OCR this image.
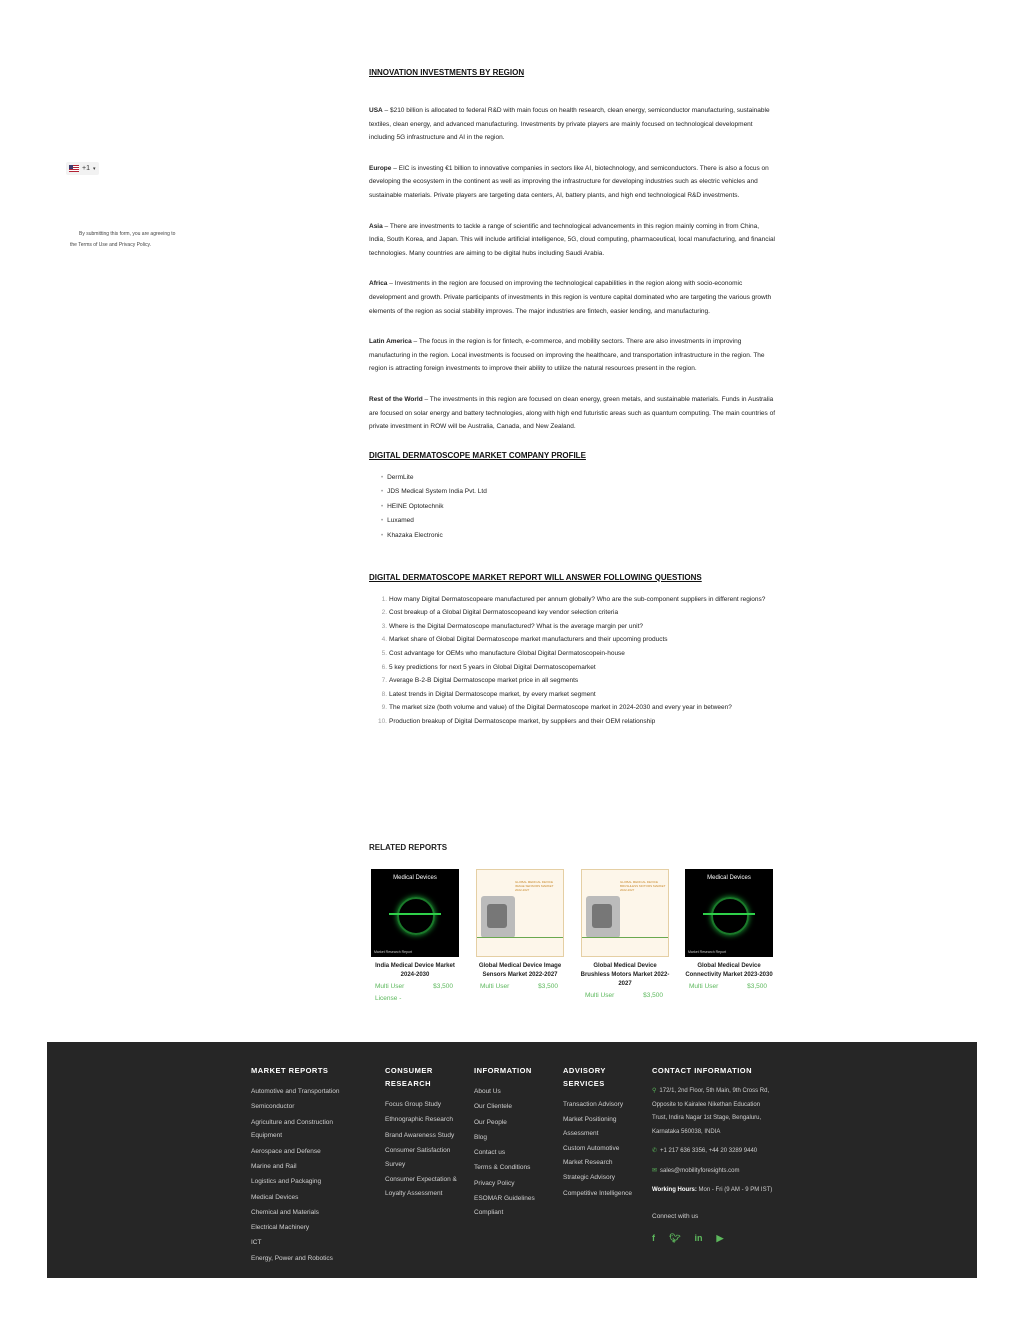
+1 ▾
By submitting this form, you are agreeing to
the Terms of Use and Privacy Policy.
INNOVATION INVESTMENTS BY REGION

USA – $210 billion is allocated to federal R&D with main focus on health research, clean energy, semiconductor manufacturing, sustainable textiles, clean energy, and advanced manufacturing. Investments by private players are mainly focused on technological development including 5G infrastructure and AI in the region.

Europe – EIC is investing €1 billion to innovative companies in sectors like AI, biotechnology, and semiconductors. There is also a focus on developing the ecosystem in the continent as well as improving the infrastructure for developing industries such as electric vehicles and sustainable materials. Private players are targeting data centers, AI, battery plants, and high end technological R&D investments.

Asia – There are investments to tackle a range of scientific and technological advancements in this region mainly coming in from China, India, South Korea, and Japan. This will include artificial intelligence, 5G, cloud computing, pharmaceutical, local manufacturing, and financial technologies. Many countries are aiming to be digital hubs including Saudi Arabia.

Africa – Investments in the region are focused on improving the technological capabilities in the region along with socio-economic development and growth. Private participants of investments in this region is venture capital dominated who are targeting the various growth elements of the region as social stability improves. The major industries are fintech, easier lending, and manufacturing.

Latin America – The focus in the region is for fintech, e-commerce, and mobility sectors. There are also investments in improving manufacturing in the region. Local investments is focused on improving the healthcare, and transportation infrastructure in the region. The region is attracting foreign investments to improve their ability to utilize the natural resources present in the region.

Rest of the World – The investments in this region are focused on clean energy, green metals, and sustainable materials. Funds in Australia are focused on solar energy and battery technologies, along with high end futuristic areas such as quantum computing. The main countries of private investment in ROW will be Australia, Canada, and New Zealand.

DIGITAL DERMATOSCOPE MARKET COMPANY PROFILE
• DermLite
• JDS Medical System India Pvt. Ltd
• HEINE Optotechnik
• Luxamed
• Khazaka Electronic
DIGITAL DERMATOSCOPE MARKET REPORT WILL ANSWER FOLLOWING QUESTIONS
1. How many Digital Dermatoscopeare manufactured per annum globally? Who are the sub-component suppliers in different regions?
2. Cost breakup of a Global Digital Dermatoscopeand key vendor selection criteria
3. Where is the Digital Dermatoscope manufactured? What is the average margin per unit?
4. Market share of Global Digital Dermatoscope market manufacturers and their upcoming products
5. Cost advantage for OEMs who manufacture Global Digital Dermatoscopein-house
6. 5 key predictions for next 5 years in Global Digital Dermatoscopemarket
7. Average B-2-B Digital Dermatoscope market price in all segments
8. Latest trends in Digital Dermatoscope market, by every market segment
9. The market size (both volume and value) of the Digital Dermatoscope market in 2024-2030 and every year in between?
10. Production breakup of Digital Dermatoscope market, by suppliers and their OEM relationship
RELATED REPORTS
Medical Devices
Market Research Report
India Medical Device Market 2024-2030
Multi User License -
$3,500
GLOBAL MEDICAL DEVICE IMAGE SENSORS MARKET 2022-2027
Global Medical Device Image Sensors Market 2022-2027
Multi User	$3,500
GLOBAL MEDICAL DEVICE BRUSHLESS MOTORS MARKET 2022-2027
Global Medical Device Brushless Motors Market 2022-2027
Multi User	$3,500
Medical Devices
Market Research Report
Global Medical Device Connectivity Market 2023-2030
Multi User	$3,500
MARKET REPORTS
Automotive and Transportation
Semiconductor
Agriculture and Construction Equipment
Aerospace and Defense
Marine and Rail
Logistics and Packaging
Medical Devices
Chemical and Materials
Electrical Machinery
ICT
Energy, Power and Robotics
CONSUMER RESEARCH
Focus Group Study
Ethnographic Research
Brand Awareness Study
Consumer Satisfaction Survey
Consumer Expectation & Loyalty Assessment
INFORMATION
About Us
Our Clientele
Our People
Blog
Contact us
Terms & Conditions
Privacy Policy
ESOMAR Guidelines Compliant
ADVISORY SERVICES
Transaction Advisory
Market Positioning Assessment
Custom Automotive Market Research
Strategic Advisory
Competitive Intelligence
CONTACT INFORMATION

⚲ 172/1, 2nd Floor, 5th Main, 9th Cross Rd, Opposite to Kairalee Nikethan Education Trust, Indira Nagar 1st Stage, Bengaluru, Karnataka 560038, INDIA

✆ +1 217 636 3356, +44 20 3289 9440

✉ sales@mobilityforesights.com

Working Hours: Mon - Fri (9 AM - 9 PM IST)

Connect with us

f 🐦︎ in ▶
